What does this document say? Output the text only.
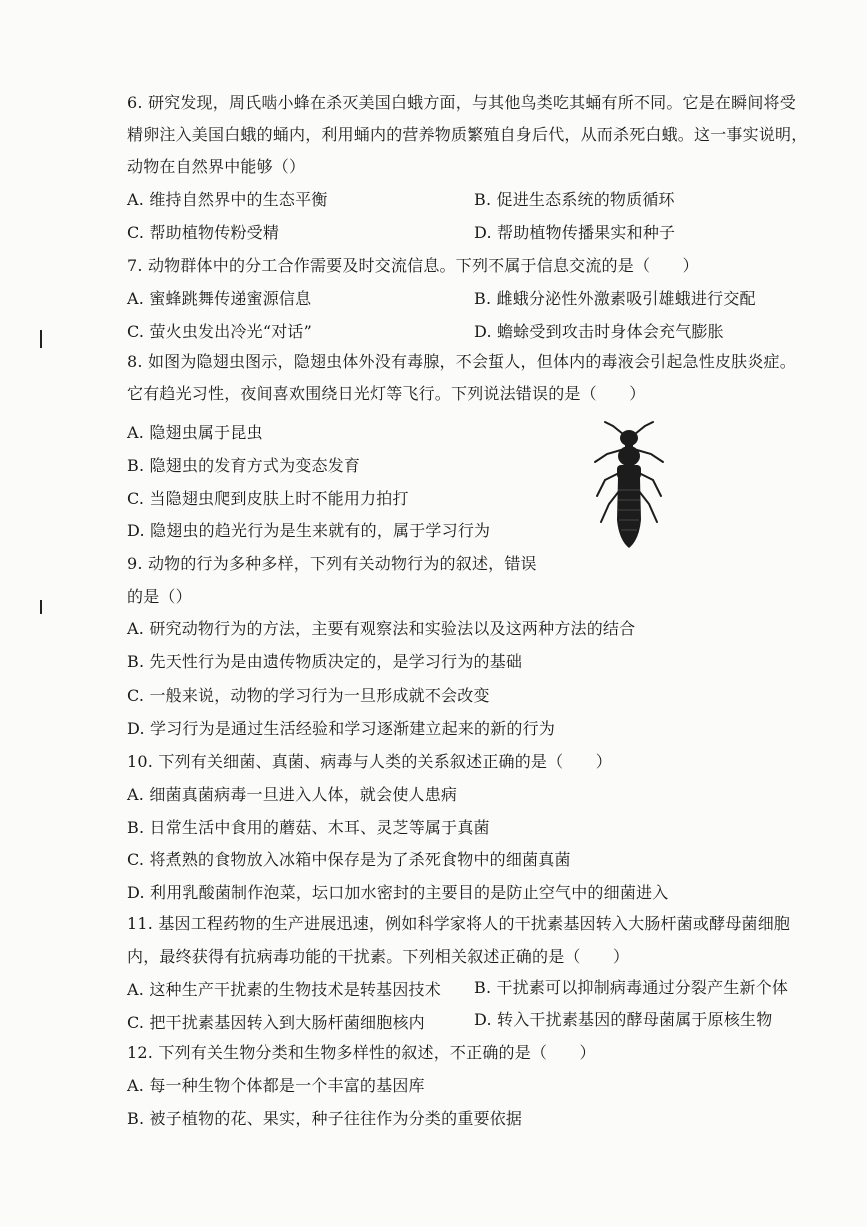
6. 研究发现，周氏啮小蜂在杀灭美国白蛾方面，与其他鸟类吃其蛹有所不同。它是在瞬间将受
精卵注入美国白蛾的蛹内，利用蛹内的营养物质繁殖自身后代，从而杀死白蛾。这一事实说明，
动物在自然界中能够（）
A. 维持自然界中的生态平衡	B. 促进生态系统的物质循环
C. 帮助植物传粉受精	D. 帮助植物传播果实和种子
7. 动物群体中的分工合作需要及时交流信息。下列不属于信息交流的是（　　）
A. 蜜蜂跳舞传递蜜源信息	B. 雌蛾分泌性外激素吸引雄蛾进行交配
C. 萤火虫发出冷光“对话”	D. 蟾蜍受到攻击时身体会充气膨胀
8. 如图为隐翅虫图示，隐翅虫体外没有毒腺，不会蜇人，但体内的毒液会引起急性皮肤炎症。
它有趋光习性，夜间喜欢围绕日光灯等飞行。下列说法错误的是（　　）
A. 隐翅虫属于昆虫
B. 隐翅虫的发育方式为变态发育
C. 当隐翅虫爬到皮肤上时不能用力拍打
D. 隐翅虫的趋光行为是生来就有的，属于学习行为
9. 动物的行为多种多样，下列有关动物行为的叙述，错误
的是（）
A. 研究动物行为的方法，主要有观察法和实验法以及这两种方法的结合
B. 先天性行为是由遗传物质决定的，是学习行为的基础
C. 一般来说，动物的学习行为一旦形成就不会改变
D. 学习行为是通过生活经验和学习逐渐建立起来的新的行为
10. 下列有关细菌、真菌、病毒与人类的关系叙述正确的是（　　）
A. 细菌真菌病毒一旦进入人体，就会使人患病
B. 日常生活中食用的蘑菇、木耳、灵芝等属于真菌
C. 将煮熟的食物放入冰箱中保存是为了杀死食物中的细菌真菌
D. 利用乳酸菌制作泡菜，坛口加水密封的主要目的是防止空气中的细菌进入
11. 基因工程药物的生产进展迅速，例如科学家将人的干扰素基因转入大肠杆菌或酵母菌细胞
内，最终获得有抗病毒功能的干扰素。下列相关叙述正确的是（　　）
A. 这种生产干扰素的生物技术是转基因技术 B. 干扰素可以抑制病毒通过分裂产生新个体
C. 把干扰素基因转入到大肠杆菌细胞核内	D. 转入干扰素基因的酵母菌属于原核生物
12. 下列有关生物分类和生物多样性的叙述，不正确的是（　　）
A. 每一种生物个体都是一个丰富的基因库
B. 被子植物的花、果实，种子往往作为分类的重要依据
